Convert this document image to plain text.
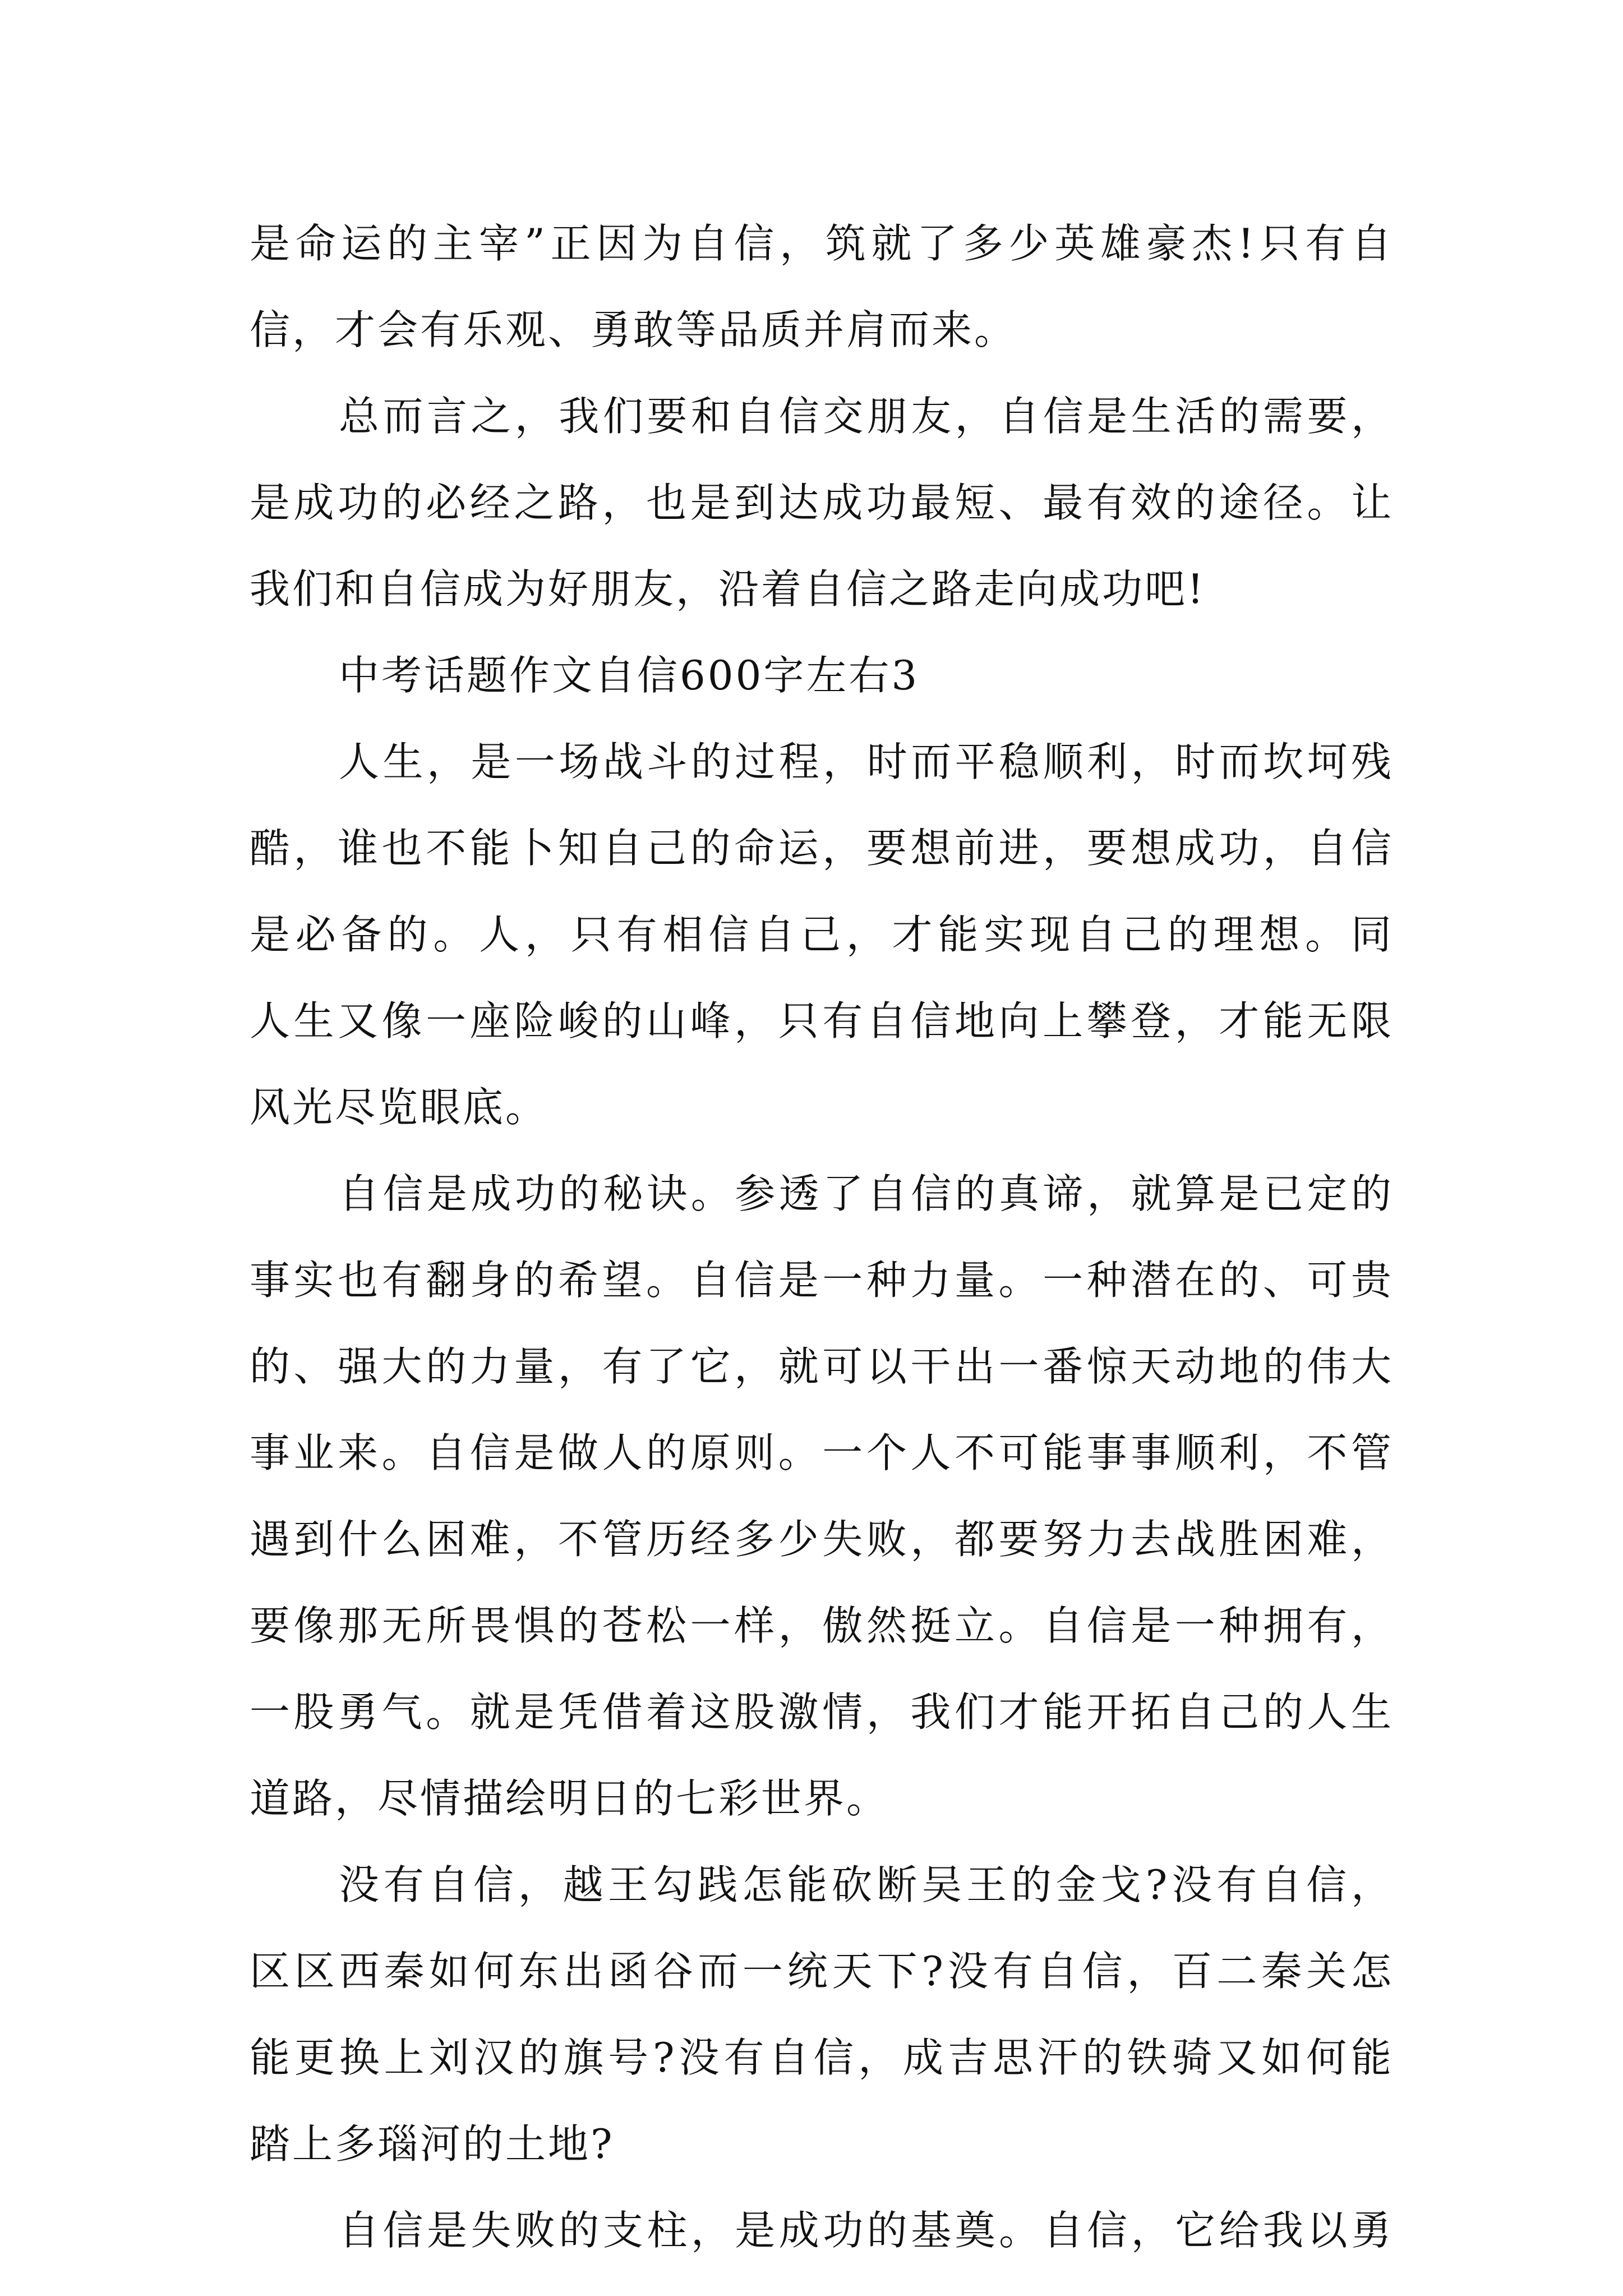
是命运的主宰”正因为自信，筑就了多少英雄豪杰!只有自
信，才会有乐观、勇敢等品质并肩而来。
总而言之，我们要和自信交朋友，自信是生活的需要，
是成功的必经之路，也是到达成功最短、最有效的途径。让
我们和自信成为好朋友，沿着自信之路走向成功吧!
中考话题作文自信600字左右3
人生，是一场战斗的过程，时而平稳顺利，时而坎坷残
酷，谁也不能卜知自己的命运，要想前进，要想成功，自信
是必备的。人，只有相信自己，才能实现自己的理想。同
人生又像一座险峻的山峰，只有自信地向上攀登，才能无限
风光尽览眼底。
自信是成功的秘诀。参透了自信的真谛，就算是已定的
事实也有翻身的希望。自信是一种力量。一种潜在的、可贵
的、强大的力量，有了它，就可以干出一番惊天动地的伟大
事业来。自信是做人的原则。一个人不可能事事顺利，不管
遇到什么困难，不管历经多少失败，都要努力去战胜困难，
要像那无所畏惧的苍松一样，傲然挺立。自信是一种拥有，
一股勇气。就是凭借着这股激情，我们才能开拓自己的人生
道路，尽情描绘明日的七彩世界。
没有自信，越王勾践怎能砍断吴王的金戈?没有自信，
区区西秦如何东出函谷而一统天下?没有自信，百二秦关怎
能更换上刘汉的旗号?没有自信，成吉思汗的铁骑又如何能
踏上多瑙河的土地?
自信是失败的支柱，是成功的基奠。自信，它给我以勇
